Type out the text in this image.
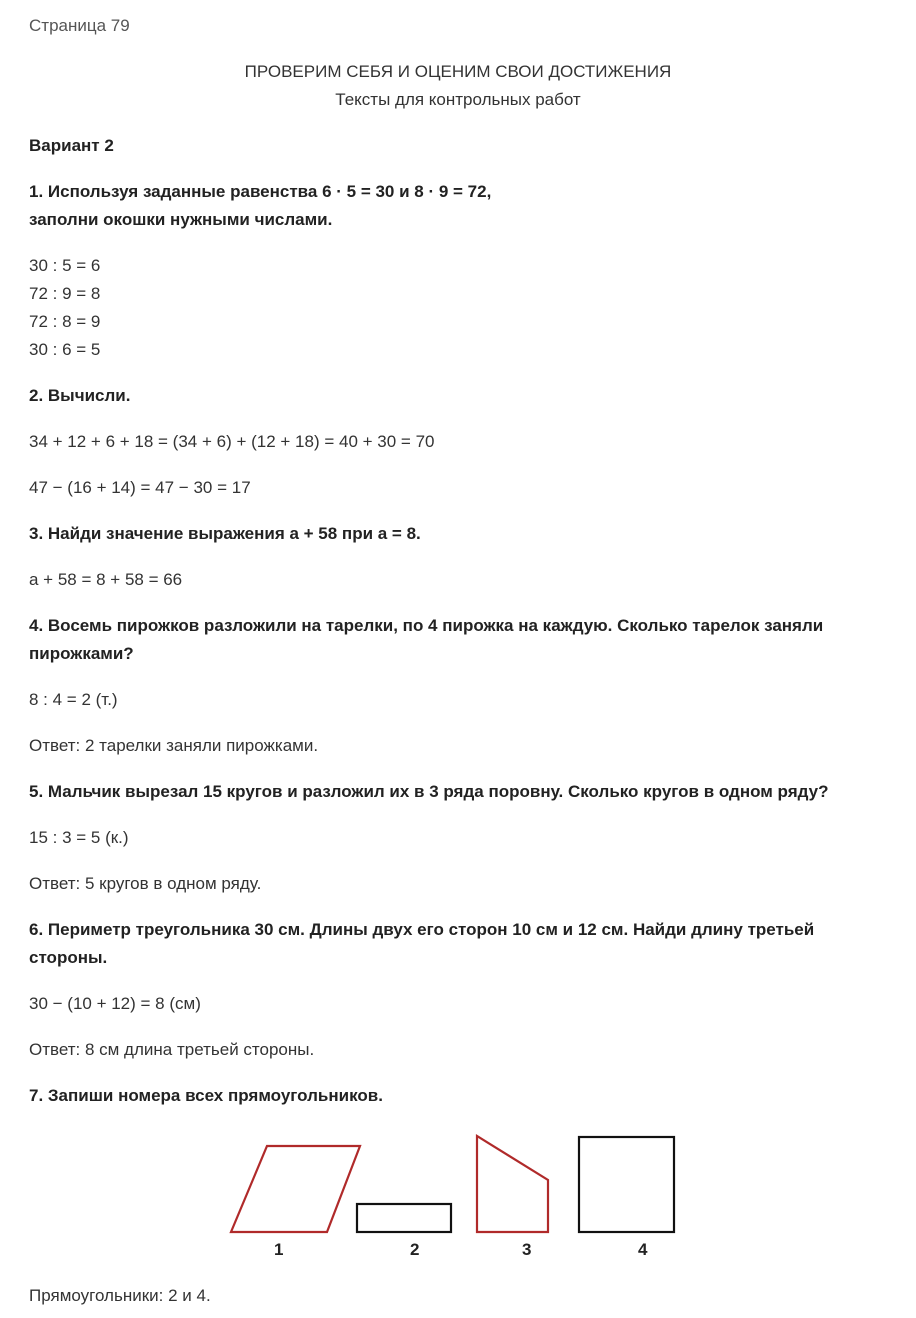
Страница 79
ПРОВЕРИМ СЕБЯ И ОЦЕНИМ СВОИ ДОСТИЖЕНИЯ
Тексты для контрольных работ
Вариант 2
1. Используя заданные равенства 6 · 5 = 30 и 8 · 9 = 72,
заполни окошки нужными числами.
30 : 5 = 6
72 : 9 = 8
72 : 8 = 9
30 : 6 = 5
2. Вычисли.
34 + 12 + 6 + 18 = (34 + 6) + (12 + 18) = 40 + 30 = 70
47 − (16 + 14) = 47 − 30 = 17
3. Найди значение выражения а + 58 при а = 8.
а + 58 = 8 + 58 = 66
4. Восемь пирожков разложили на тарелки, по 4 пирожка на каждую. Сколько тарелок заняли
пирожками?
8 : 4 = 2 (т.)
Ответ: 2 тарелки заняли пирожками.
5. Мальчик вырезал 15 кругов и разложил их в 3 ряда поровну. Сколько кругов в одном ряду?
15 : 3 = 5 (к.)
Ответ: 5 кругов в одном ряду.
6. Периметр треугольника 30 см. Длины двух его сторон 10 см и 12 см. Найди длину третьей
стороны.
30 − (10 + 12) = 8 (см)
Ответ: 8 см длина третьей стороны.
7. Запиши номера всех прямоугольников.
1	2	3	4
Прямоугольники: 2 и 4.
